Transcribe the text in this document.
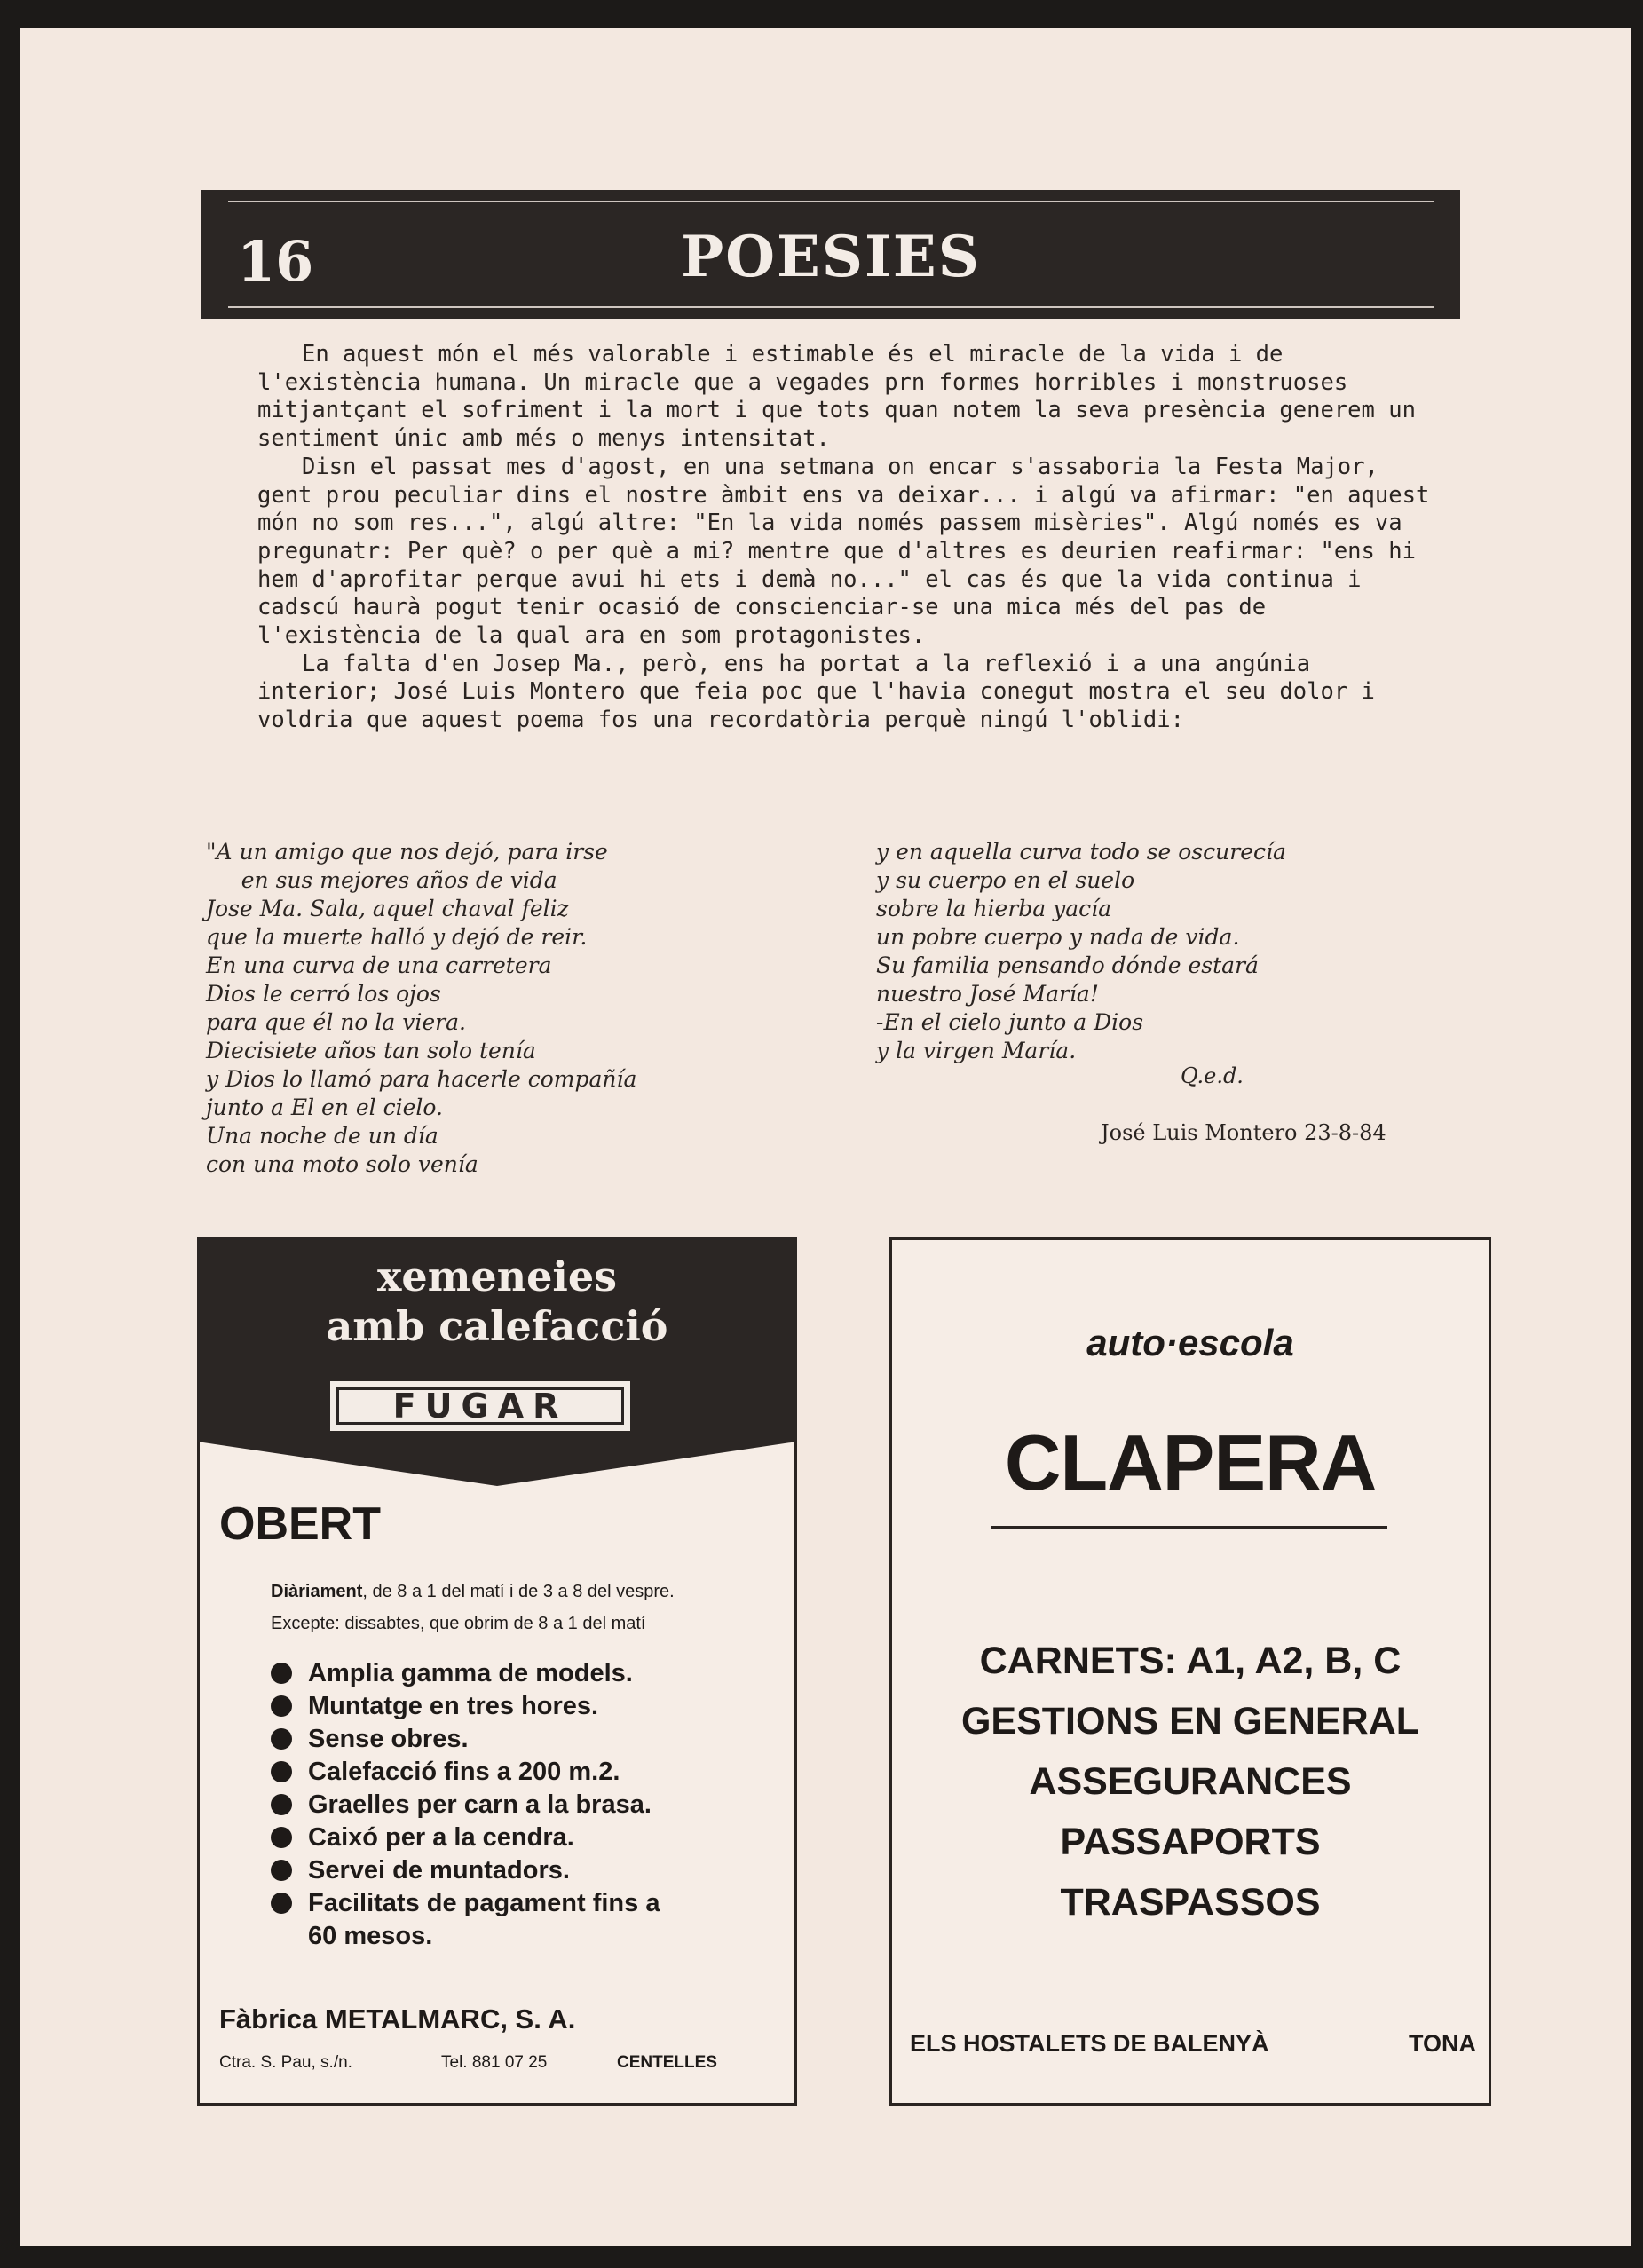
16	POESIES

En aquest món el més valorable i estimable és el miracle de la vida i de l'existència humana. Un miracle que a vegades prn formes horribles i monstruoses mitjantçant el sofriment i la mort i que tots quan notem la seva presència generem un sentiment únic amb més o menys intensitat.

Disn el passat mes d'agost, en una setmana on encar s'assaboria la Festa Major, gent prou peculiar dins el nostre àmbit ens va deixar... i algú va afirmar: "en aquest món no som res...", algú altre: "En la vida només passem misèries". Algú només es va pregunatr: Per què? o per què a mi? mentre que d'altres es deurien reafirmar: "ens hi hem d'aprofitar perque avui hi ets i demà no..." el cas és que la vida continua i cadscú haurà pogut tenir ocasió de conscienciar-se una mica més del pas de l'existència de la qual ara en som protagonistes.

La falta d'en Josep Ma., però, ens ha portat a la reflexió i a una angúnia interior; José Luis Montero que feia poc que l'havia conegut mostra el seu dolor i voldria que aquest poema fos una recordatòria perquè ningú l'oblidi:

"A un amigo que nos dejó, para irse
en sus mejores años de vida
Jose Ma. Sala, aquel chaval feliz
que la muerte halló y dejó de reir.
En una curva de una carretera
Dios le cerró los ojos
para que él no la viera.
Diecisiete años tan solo tenía
y Dios lo llamó para hacerle compañía
junto a El en el cielo.
Una noche de un día
con una moto solo venía
y en aquella curva todo se oscurecía
y su cuerpo en el suelo
sobre la hierba yacía
un pobre cuerpo y nada de vida.
Su familia pensando dónde estará
nuestro José María!
-En el cielo junto a Dios
y la virgen María.
Q.e.d.
José Luis Montero 23-8-84
xemeneies
amb calefacció
FUGAR
OBERT
Diàriament, de 8 a 1 del matí i de 3 a 8 del vespre.
Excepte: dissabtes, que obrim de 8 a 1 del matí
Amplia gamma de models.
Muntatge en tres hores.
Sense obres.
Calefacció fins a 200 m.2.
Graelles per carn a la brasa.
Caixó per a la cendra.
Servei de muntadors.
Facilitats de pagament fins a 60 mesos.
Fàbrica METALMARC, S. A.
Ctra. S. Pau, s./n.	Tel. 881 07 25	CENTELLES
auto·escola
CLAPERA
CARNETS: A1, A2, B, C
GESTIONS EN GENERAL
ASSEGURANCES
PASSAPORTS
TRASPASSOS
ELS HOSTALETS DE BALENYÀ	TONA
